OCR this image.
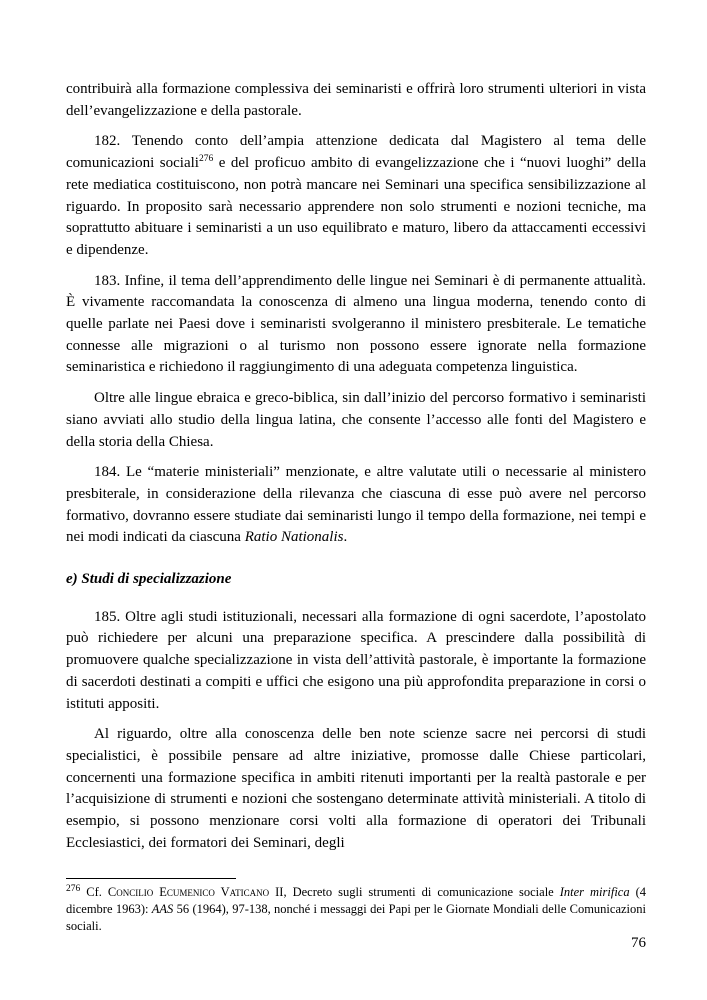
contribuirà alla formazione complessiva dei seminaristi e offrirà loro strumenti ulteriori in vista dell’evangelizzazione e della pastorale.

182. Tenendo conto dell’ampia attenzione dedicata dal Magistero al tema delle comunicazioni sociali$^{276}$ e del proficuo ambito di evangelizzazione che i “nuovi luoghi” della rete mediatica costituiscono, non potrà mancare nei Seminari una specifica sensibilizzazione al riguardo. In proposito sarà necessario apprendere non solo strumenti e nozioni tecniche, ma soprattutto abituare i seminaristi a un uso equilibrato e maturo, libero da attaccamenti eccessivi e dipendenze.

183. Infine, il tema dell’apprendimento delle lingue nei Seminari è di permanente attualità. È vivamente raccomandata la conoscenza di almeno una lingua moderna, tenendo conto di quelle parlate nei Paesi dove i seminaristi svolgeranno il ministero presbiterale. Le tematiche connesse alle migrazioni o al turismo non possono essere ignorate nella formazione seminaristica e richiedono il raggiungimento di una adeguata competenza linguistica.

Oltre alle lingue ebraica e greco-biblica, sin dall’inizio del percorso formativo i seminaristi siano avviati allo studio della lingua latina, che consente l’accesso alle fonti del Magistero e della storia della Chiesa.

184. Le “materie ministeriali” menzionate, e altre valutate utili o necessarie al ministero presbiterale, in considerazione della rilevanza che ciascuna di esse può avere nel percorso formativo, dovranno essere studiate dai seminaristi lungo il tempo della formazione, nei tempi e nei modi indicati da ciascuna Ratio Nationalis.

e) Studi di specializzazione

185. Oltre agli studi istituzionali, necessari alla formazione di ogni sacerdote, l’apostolato può richiedere per alcuni una preparazione specifica. A prescindere dalla possibilità di promuovere qualche specializzazione in vista dell’attività pastorale, è importante la formazione di sacerdoti destinati a compiti e uffici che esigono una più approfondita preparazione in corsi o istituti appositi.

Al riguardo, oltre alla conoscenza delle ben note scienze sacre nei percorsi di studi specialistici, è possibile pensare ad altre iniziative, promosse dalle Chiese particolari, concernenti una formazione specifica in ambiti ritenuti importanti per la realtà pastorale e per l’acquisizione di strumenti e nozioni che sostengano determinate attività ministeriali. A titolo di esempio, si possono menzionare corsi volti alla formazione di operatori dei Tribunali Ecclesiastici, dei formatori dei Seminari, degli

$^{276}$ Cf. Concilio Ecumenico Vaticano II, Decreto sugli strumenti di comunicazione sociale Inter mirifica (4 dicembre 1963): AAS 56 (1964), 97-138, nonché i messaggi dei Papi per le Giornate Mondiali delle Comunicazioni sociali.

76
